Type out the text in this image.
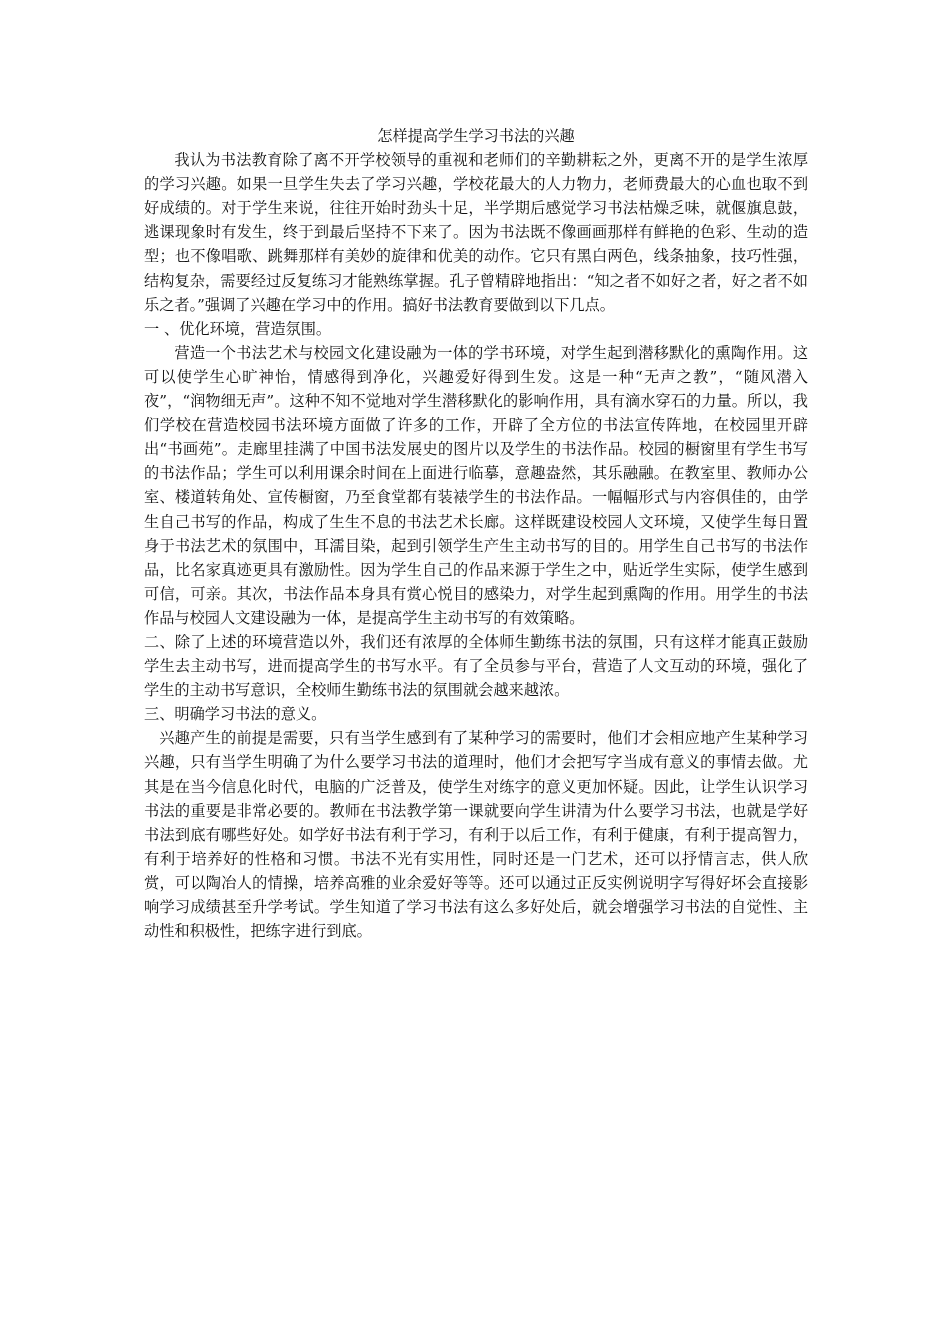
怎样提高学生学习书法的兴趣

我认为书法教育除了离不开学校领导的重视和老师们的辛勤耕耘之外，更离不开的是学生浓厚的学习兴趣。如果一旦学生失去了学习兴趣，学校花最大的人力物力，老师费最大的心血也取不到好成绩的。对于学生来说，往往开始时劲头十足，半学期后感觉学习书法枯燥乏味，就偃旗息鼓，逃课现象时有发生，终于到最后坚持不下来了。因为书法既不像画画那样有鲜艳的色彩、生动的造型；也不像唱歌、跳舞那样有美妙的旋律和优美的动作。它只有黑白两色，线条抽象，技巧性强，结构复杂，需要经过反复练习才能熟练掌握。孔子曾精辟地指出：“知之者不如好之者，好之者不如乐之者。”强调了兴趣在学习中的作用。搞好书法教育要做到以下几点。

一 、优化环境，营造氛围。

营造一个书法艺术与校园文化建设融为一体的学书环境，对学生起到潜移默化的熏陶作用。这可以使学生心旷神怡，情感得到净化，兴趣爱好得到生发。这是一种“无声之教”，“随风潜入夜”，“润物细无声”。这种不知不觉地对学生潜移默化的影响作用，具有滴水穿石的力量。所以，我们学校在营造校园书法环境方面做了许多的工作，开辟了全方位的书法宣传阵地，在校园里开辟出“书画苑”。走廊里挂满了中国书法发展史的图片以及学生的书法作品。校园的橱窗里有学生书写的书法作品；学生可以利用课余时间在上面进行临摹，意趣盎然，其乐融融。在教室里、教师办公室、楼道转角处、宣传橱窗，乃至食堂都有装裱学生的书法作品。一幅幅形式与内容俱佳的，由学生自己书写的作品，构成了生生不息的书法艺术长廊。这样既建设校园人文环境，又使学生每日置身于书法艺术的氛围中，耳濡目染，起到引领学生产生主动书写的目的。用学生自己书写的书法作品，比名家真迹更具有激励性。因为学生自己的作品来源于学生之中，贴近学生实际，使学生感到可信，可亲。其次，书法作品本身具有赏心悦目的感染力，对学生起到熏陶的作用。用学生的书法作品与校园人文建设融为一体，是提高学生主动书写的有效策略。

二、除了上述的环境营造以外，我们还有浓厚的全体师生勤练书法的氛围，只有这样才能真正鼓励学生去主动书写，进而提高学生的书写水平。有了全员参与平台，营造了人文互动的环境，强化了学生的主动书写意识，全校师生勤练书法的氛围就会越来越浓。

三、明确学习书法的意义。

兴趣产生的前提是需要，只有当学生感到有了某种学习的需要时，他们才会相应地产生某种学习兴趣，只有当学生明确了为什么要学习书法的道理时，他们才会把写字当成有意义的事情去做。尤其是在当今信息化时代，电脑的广泛普及，使学生对练字的意义更加怀疑。因此，让学生认识学习书法的重要是非常必要的。教师在书法教学第一课就要向学生讲清为什么要学习书法，也就是学好书法到底有哪些好处。如学好书法有利于学习，有利于以后工作，有利于健康，有利于提高智力，有利于培养好的性格和习惯。书法不光有实用性，同时还是一门艺术，还可以抒情言志，供人欣赏，可以陶冶人的情操，培养高雅的业余爱好等等。还可以通过正反实例说明字写得好坏会直接影响学习成绩甚至升学考试。学生知道了学习书法有这么多好处后，就会增强学习书法的自觉性、主动性和积极性，把练字进行到底。
